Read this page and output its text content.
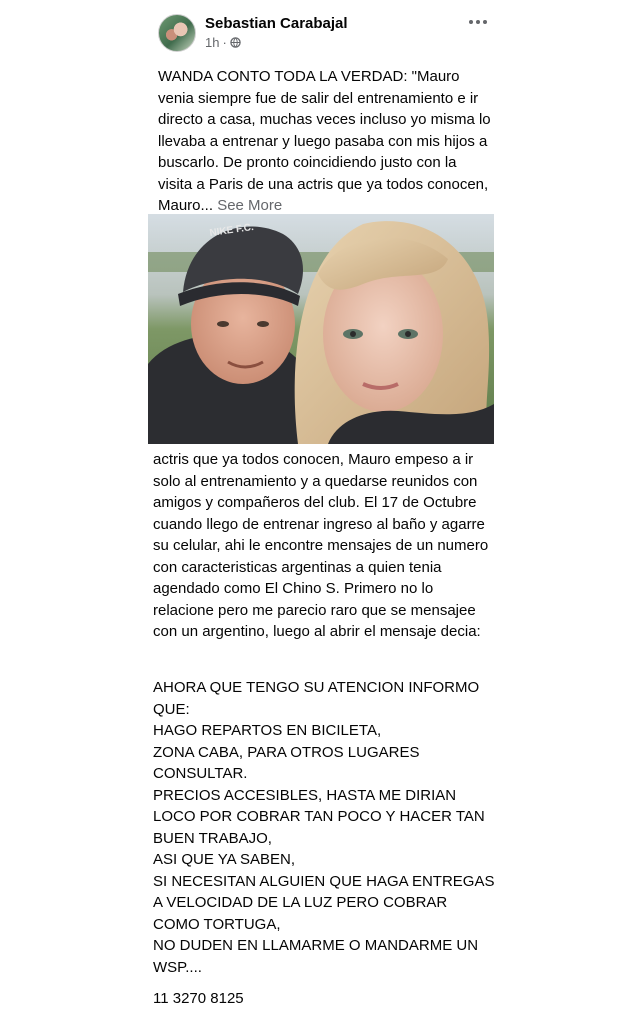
Sebastian Carabajal
1h ·

WANDA CONTO TODA LA VERDAD: "Mauro venia siempre fue de salir del entrenamiento e ir directo a casa, muchas veces incluso yo misma lo llevaba a entrenar y luego pasaba con mis hijos a buscarlo. De pronto coincidiendo justo con la visita a Paris de una actris que ya todos conocen, Mauro... See More

NIKE F.C.

actris que ya todos conocen, Mauro empeso a ir solo al entrenamiento y a quedarse reunidos con amigos y compañeros del club. El 17 de Octubre cuando llego de entrenar ingreso al baño y agarre su celular, ahi le encontre mensajes de un numero con caracteristicas argentinas a quien tenia agendado como El Chino S. Primero no lo relacione pero me parecio raro que se mensajee con un argentino, luego al abrir el mensaje decia:

AHORA QUE TENGO SU ATENCION INFORMO QUE:
HAGO REPARTOS EN BICILETA,
ZONA CABA, PARA OTROS LUGARES CONSULTAR.
PRECIOS ACCESIBLES, HASTA ME DIRIAN LOCO POR COBRAR TAN POCO Y HACER TAN BUEN TRABAJO,
ASI QUE YA SABEN,
SI NECESITAN ALGUIEN QUE HAGA ENTREGAS A VELOCIDAD DE LA LUZ PERO COBRAR COMO TORTUGA,
NO DUDEN EN LLAMARME O MANDARME UN WSP....
11 3270 8125
